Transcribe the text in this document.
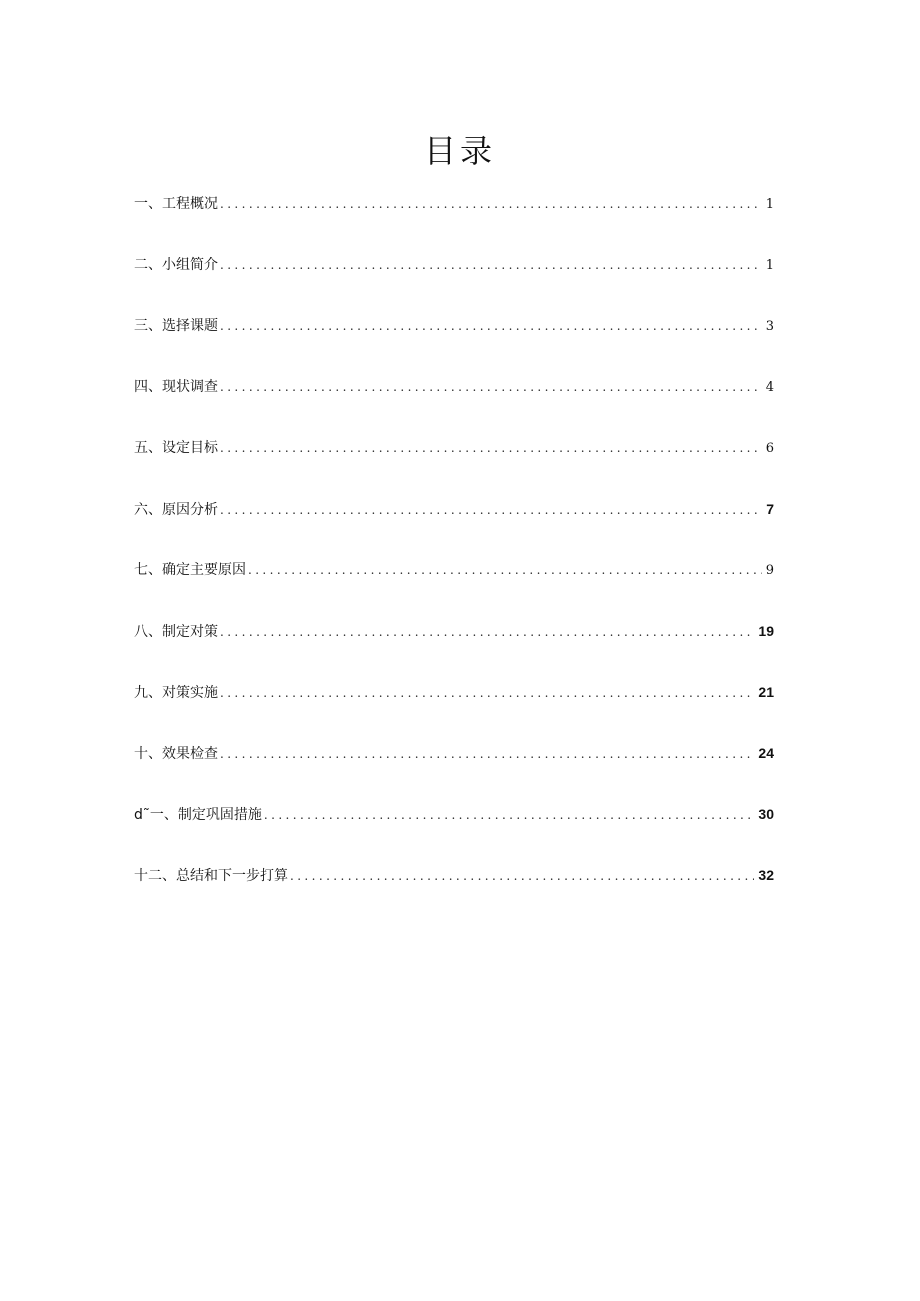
目录
一、工程概况 .....	1
二、小组简介 .....	1
三、选择课题 .....	3
四、现状调查 .....	4
五、设定目标 .....	6
六、原因分析 .....	7
七、确定主要原因 .....	9
八、制定对策 .....	19
九、对策实施 .....	21
十、效果检查 .....	24
d˜一、制定巩固措施 .....	30
十二、总结和下一步打算 .....	32
